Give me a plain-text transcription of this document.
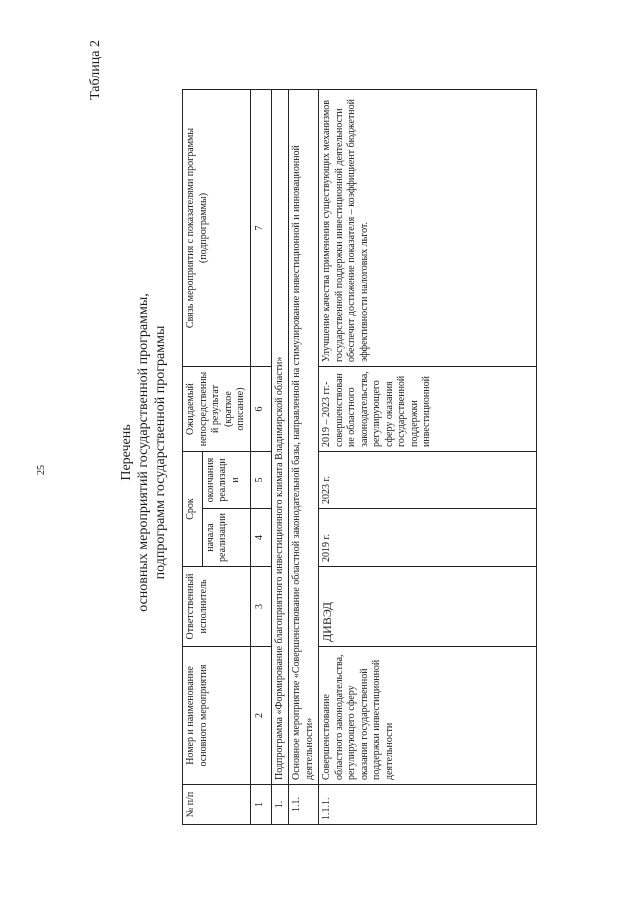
25
Таблица 2
Перечень основных мероприятий государственной программы, подпрограмм государственной программы
№ п/п	Номер и наименование основного мероприятия	Ответственный исполнитель	Срок		Ожидаемый непосредственный результат (краткое описание)	Связь мероприятия с показателями программы (подпрограммы)
			начала реализации	окончания реализации		
1	2	3	4	5	6	7
1.	Подпрограмма «Формирование благоприятного инвестиционного климата Владимирской области»					
1.1.	Основное мероприятие «Совершенствование областной законодательной базы, направленной на стимулирование инвестиционной и инновационной деятельности»					
1.1.1.	Совершенствование областного законодательства, регулирующего сферу оказания государственной поддержки инвестиционной деятельности	ДИВЭД	2019 г.	2023 г.	2019 – 2023 гг.- совершенствование областного законодательства, регулирующего сферу оказания государственной поддержки инвестиционной	Улучшение качества применения существующих механизмов государственной поддержки инвестиционной деятельности обеспечит достижение показателя – коэффициент бюджетной эффективности налоговых льгот.
